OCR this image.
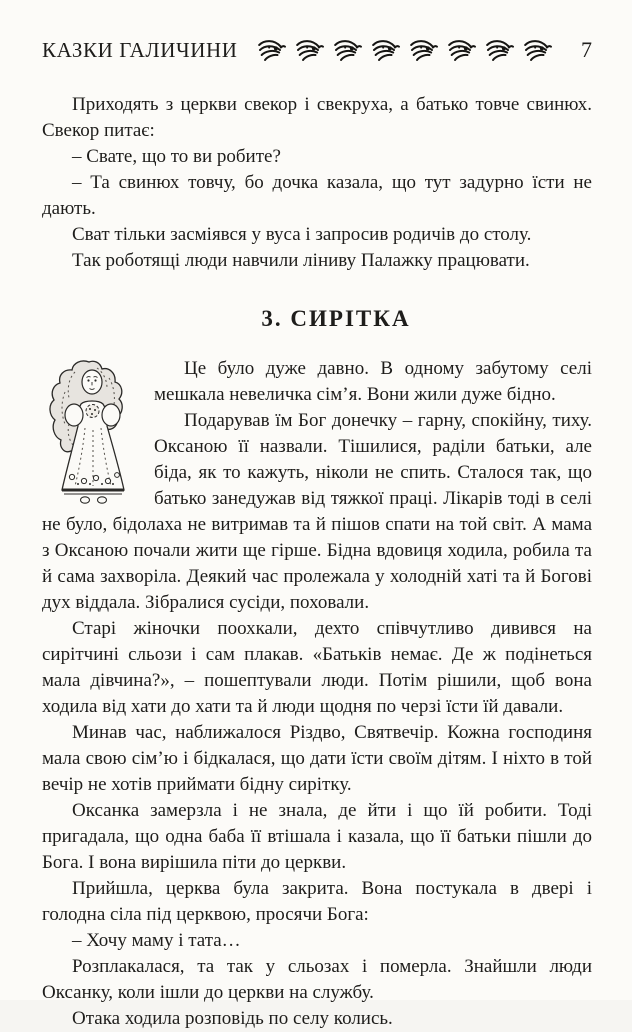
КАЗКИ ГАЛИЧИНИ	7

Приходять з церкви свекор і свекруха, а батько товче свинюх. Свекор питає:

– Свате, що то ви робите?

– Та свинюх товчу, бо дочка казала, що тут задурно їсти не дають.

Сват тільки засміявся у вуса і запросив родичів до столу.

Так роботящі люди навчили ліниву Палажку працювати.

3. СИРІТКА

Це було дуже давно. В одному забутому селі мешкала невеличка сім’я. Вони жили дуже бідно.

Подарував їм Бог донечку – гарну, спокійну, тиху. Оксаною її назвали. Тішилися, раділи батьки, але біда, як то кажуть, ніколи не спить. Сталося так, що батько занедужав від тяжкої праці. Лікарів тоді в селі не було, бідолаха не витримав та й пішов спати на той світ. А мама з Оксаною почали жити ще гірше. Бідна вдовиця ходила, робила та й сама захворіла. Деякий час пролежала у холодній хаті та й Богові дух віддала. Зібралися сусіди, поховали.

Старі жіночки поохкали, дехто співчутливо дивився на сирітчині сльози і сам плакав. «Батьків немає. Де ж подінеться мала дівчина?», – пошептували люди. Потім рішили, щоб вона ходила від хати до хати та й люди щодня по черзі їсти їй давали.

Минав час, наближалося Різдво, Святвечір. Кожна господиня мала свою сім’ю і бідкалася, що дати їсти своїм дітям. І ніхто в той вечір не хотів приймати бідну сирітку.

Оксанка замерзла і не знала, де йти і що їй робити. Тоді пригадала, що одна баба її втішала і казала, що її батьки пішли до Бога. І вона вирішила піти до церкви.

Прийшла, церква була закрита. Вона постукала в двері і голодна сіла під церквою, просячи Бога:

– Хочу маму і тата…

Розплакалася, та так у сльозах і померла. Знайшли люди Оксанку, коли ішли до церкви на службу.

Отака ходила розповідь по селу колись.
